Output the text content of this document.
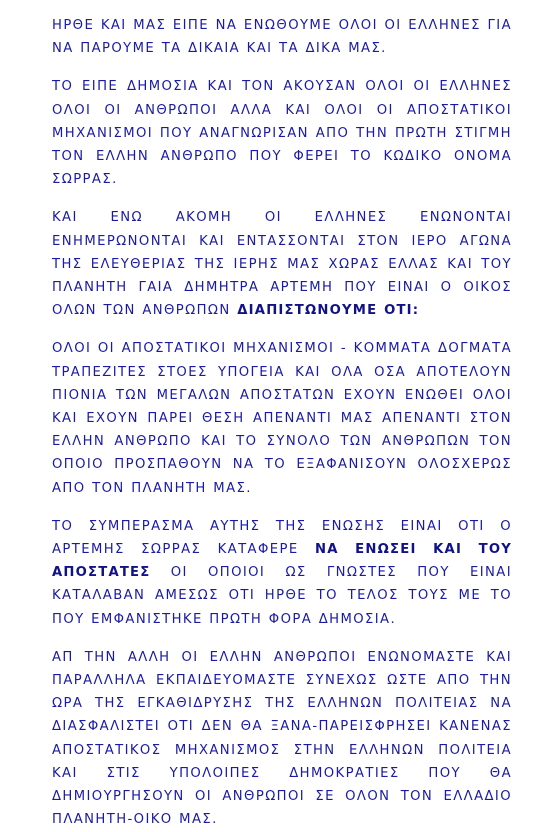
ΗΡΘΕ ΚΑΙ ΜΑΣ ΕΙΠΕ ΝΑ ΕΝΩΘΟΥΜΕ ΟΛΟΙ ΟΙ ΕΛΛΗΝΕΣ ΓΙΑ ΝΑ ΠΑΡΟΥΜΕ ΤΑ ΔΙΚΑΙΑ ΚΑΙ ΤΑ ΔΙΚΑ ΜΑΣ.

ΤΟ ΕΙΠΕ ΔΗΜΟΣΙΑ ΚΑΙ ΤΟΝ ΑΚΟΥΣΑΝ ΟΛΟΙ ΟΙ ΕΛΛΗΝΕΣ ΟΛΟΙ ΟΙ ΑΝΘΡΩΠΟΙ ΑΛΛΑ ΚΑΙ ΟΛΟΙ ΟΙ ΑΠΟΣΤΑΤΙΚΟΙ ΜΗΧΑΝΙΣΜΟΙ ΠΟΥ ΑΝΑΓΝΩΡΙΣΑΝ ΑΠΟ ΤΗΝ ΠΡΩΤΗ ΣΤΙΓΜΗ ΤΟΝ ΕΛΛΗΝ ΑΝΘΡΩΠΟ ΠΟΥ ΦΕΡΕΙ ΤΟ ΚΩΔΙΚΟ ΟΝΟΜΑ ΣΩΡΡΑΣ.

ΚΑΙ ΕΝΩ ΑΚΟΜΗ ΟΙ ΕΛΛΗΝΕΣ ΕΝΩΝΟΝΤΑΙ ΕΝΗΜΕΡΩΝΟΝΤΑΙ ΚΑΙ ΕΝΤΑΣΣΟΝΤΑΙ ΣΤΟΝ ΙΕΡΟ ΑΓΩΝΑ ΤΗΣ ΕΛΕΥΘΕΡΙΑΣ ΤΗΣ ΙΕΡΗΣ ΜΑΣ ΧΩΡΑΣ ΕΛΛΑΣ ΚΑΙ ΤΟΥ ΠΛΑΝΗΤΗ ΓΑΙΑ ΔΗΜΗΤΡΑ ΑΡΤΕΜΗ ΠΟΥ ΕΙΝΑΙ Ο ΟΙΚΟΣ ΟΛΩΝ ΤΩΝ ΑΝΘΡΩΠΩΝ ΔΙΑΠΙΣΤΩΝΟΥΜΕ ΟΤΙ:

ΟΛΟΙ ΟΙ ΑΠΟΣΤΑΤΙΚΟΙ ΜΗΧΑΝΙΣΜΟΙ - ΚΟΜΜΑΤΑ ΔΟΓΜΑΤΑ ΤΡΑΠΕΖΙΤΕΣ ΣΤΟΕΣ ΥΠΟΓΕΙΑ ΚΑΙ ΟΛΑ ΟΣΑ ΑΠΟΤΕΛΟΥΝ ΠΙΟΝΙΑ ΤΩΝ ΜΕΓΑΛΩΝ ΑΠΟΣΤΑΤΩΝ ΕΧΟΥΝ ΕΝΩΘΕΙ ΟΛΟΙ ΚΑΙ ΕΧΟΥΝ ΠΑΡΕΙ ΘΕΣΗ ΑΠΕΝΑΝΤΙ ΜΑΣ ΑΠΕΝΑΝΤΙ ΣΤΟΝ ΕΛΛΗΝ ΑΝΘΡΩΠΟ ΚΑΙ ΤΟ ΣΥΝΟΛΟ ΤΩΝ ΑΝΘΡΩΠΩΝ ΤΟΝ ΟΠΟΙΟ ΠΡΟΣΠΑΘΟΥΝ ΝΑ ΤΟ ΕΞΑΦΑΝΙΣΟΥΝ ΟΛΟΣΧΕΡΩΣ ΑΠΟ ΤΟΝ ΠΛΑΝΗΤΗ ΜΑΣ.

ΤΟ ΣΥΜΠΕΡΑΣΜΑ ΑΥΤΗΣ ΤΗΣ ΕΝΩΣΗΣ ΕΙΝΑΙ ΟΤΙ Ο ΑΡΤΕΜΗΣ ΣΩΡΡΑΣ ΚΑΤΑΦΕΡΕ ΝΑ ΕΝΩΣΕΙ ΚΑΙ ΤΟΥ ΑΠΟΣΤΑΤΕΣ ΟΙ ΟΠΟΙΟΙ ΩΣ ΓΝΩΣΤΕΣ ΠΟΥ ΕΙΝΑΙ ΚΑΤΑΛΑΒΑΝ ΑΜΕΣΩΣ ΟΤΙ ΗΡΘΕ ΤΟ ΤΕΛΟΣ ΤΟΥΣ ΜΕ ΤΟ ΠΟΥ ΕΜΦΑΝΙΣΤΗΚΕ ΠΡΩΤΗ ΦΟΡΑ ΔΗΜΟΣΙΑ.

ΑΠ ΤΗΝ ΑΛΛΗ ΟΙ ΕΛΛΗΝ ΑΝΘΡΩΠΟΙ ΕΝΩΝΟΜΑΣΤΕ ΚΑΙ ΠΑΡΑΛΛΗΛΑ ΕΚΠΑΙΔΕΥΟΜΑΣΤΕ ΣΥΝΕΧΩΣ ΩΣΤΕ ΑΠΟ ΤΗΝ ΩΡΑ ΤΗΣ ΕΓΚΑΘΙΔΡΥΣΗΣ ΤΗΣ ΕΛΛΗΝΩΝ ΠΟΛΙΤΕΙΑΣ ΝΑ ΔΙΑΣΦΑΛΙΣΤΕΙ ΟΤΙ ΔΕΝ ΘΑ ΞΑΝΑ-ΠΑΡΕΙΣΦΡΗΣΕΙ ΚΑΝΕΝΑΣ ΑΠΟΣΤΑΤΙΚΟΣ ΜΗΧΑΝΙΣΜΟΣ ΣΤΗΝ ΕΛΛΗΝΩΝ ΠΟΛΙΤΕΙΑ ΚΑΙ ΣΤΙΣ ΥΠΟΛΟΙΠΕΣ ΔΗΜΟΚΡΑΤΙΕΣ ΠΟΥ ΘΑ ΔΗΜΙΟΥΡΓΗΣΟΥΝ ΟΙ ΑΝΘΡΩΠΟΙ ΣΕ ΟΛΟΝ ΤΟΝ ΕΛΛΑΔΙΟ ΠΛΑΝΗΤΗ-ΟΙΚΟ ΜΑΣ.
